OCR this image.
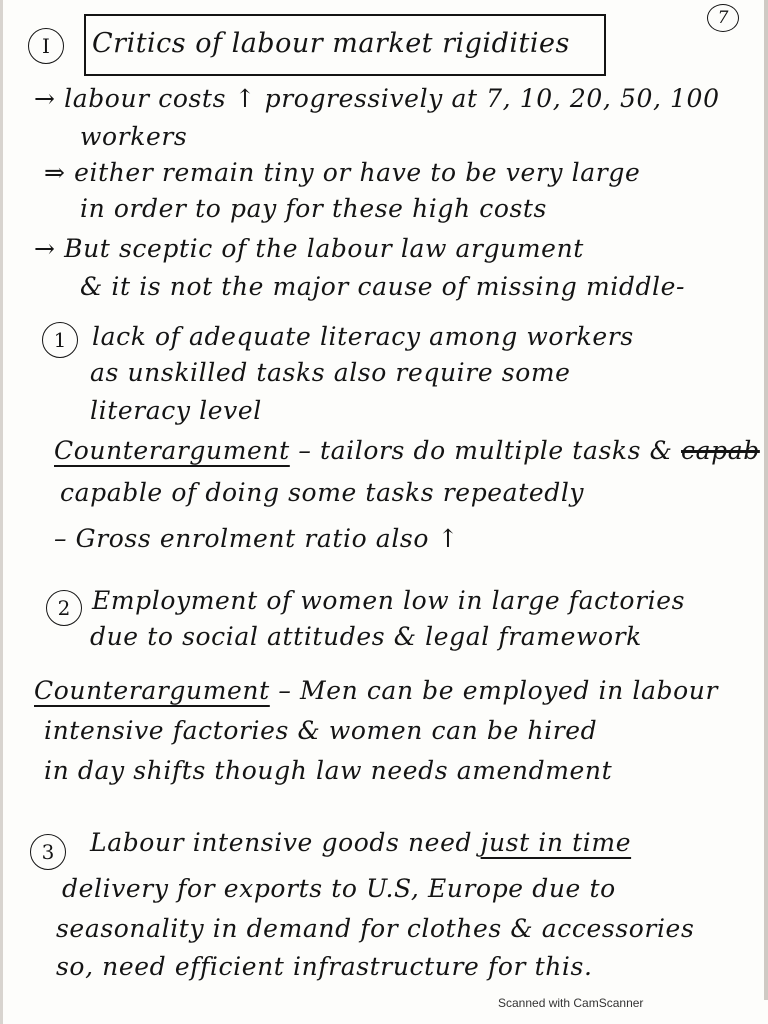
7
I	Critics of labour market rigidities
→ labour costs ↑ progressively at 7, 10, 20, 50, 100
workers
⇒ either remain tiny or have to be very large
in order to pay for these high costs
→ But sceptic of the labour law argument
& it is not the major cause of missing middle-
1	lack of adequate literacy among workers
as unskilled tasks also require some
literacy level
Counterargument – tailors do multiple tasks & capab
capable of doing some tasks repeatedly
– Gross enrolment ratio also ↑
2 Employment of women low in large factories
due to social attitudes & legal framework
Counterargument – Men can be employed in labour
intensive factories & women can be hired
in day shifts though law needs amendment
3	Labour intensive goods need just in time
delivery for exports to U.S, Europe due to
seasonality in demand for clothes & accessories
so, need efficient infrastructure for this.
Scanned with CamScanner
